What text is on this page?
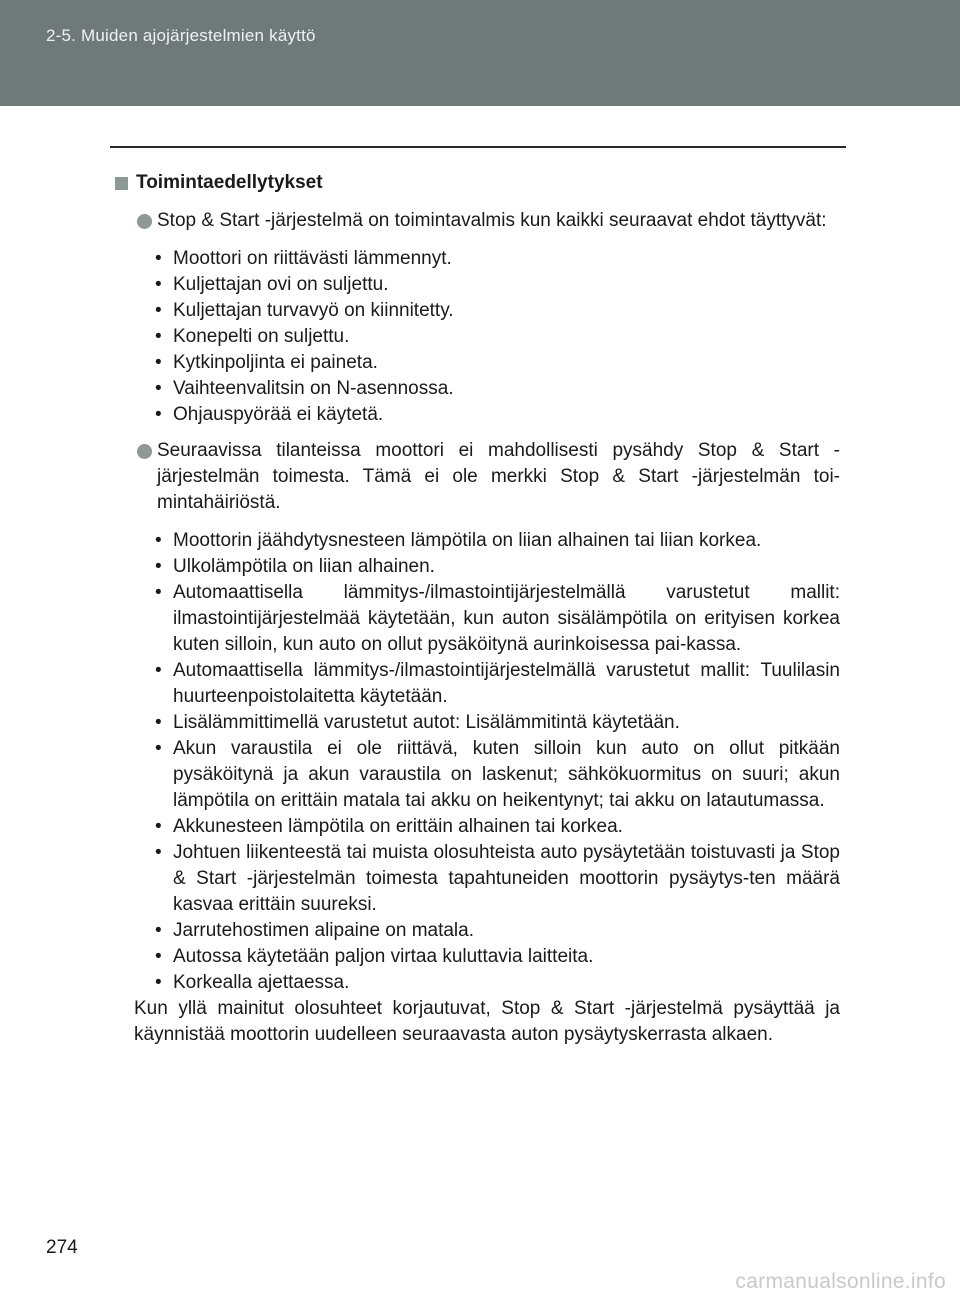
2-5. Muiden ajojärjestelmien käyttö
Toimintaedellytykset

Stop & Start -järjestelmä on toimintavalmis kun kaikki seuraavat ehdot täyttyvät:

• Moottori on riittävästi lämmennyt.
• Kuljettajan ovi on suljettu.
• Kuljettajan turvavyö on kiinnitetty.
• Konepelti on suljettu.
• Kytkinpoljinta ei paineta.
• Vaihteenvalitsin on N-asennossa.
• Ohjauspyörää ei käytetä.

Seuraavissa tilanteissa moottori ei mahdollisesti pysähdy Stop & Start -järjestelmän toimesta. Tämä ei ole merkki Stop & Start -järjestelmän toi-mintahäiriöstä.

• Moottorin jäähdytysnesteen lämpötila on liian alhainen tai liian korkea.
• Ulkolämpötila on liian alhainen.
• Automaattisella lämmitys-/ilmastointijärjestelmällä varustetut mallit: ilmastointijärjestelmää käytetään, kun auton sisälämpötila on erityisen korkea kuten silloin, kun auto on ollut pysäköitynä aurinkoisessa pai-kassa.
• Automaattisella lämmitys-/ilmastointijärjestelmällä varustetut mallit: Tuulilasin huurteenpoistolaitetta käytetään.
• Lisälämmittimellä varustetut autot: Lisälämmitintä käytetään.
• Akun varaustila ei ole riittävä, kuten silloin kun auto on ollut pitkään pysäköitynä ja akun varaustila on laskenut; sähkökuormitus on suuri; akun lämpötila on erittäin matala tai akku on heikentynyt; tai akku on latautumassa.
• Akkunesteen lämpötila on erittäin alhainen tai korkea.
• Johtuen liikenteestä tai muista olosuhteista auto pysäytetään toistuvasti ja Stop & Start -järjestelmän toimesta tapahtuneiden moottorin pysäytys-ten määrä kasvaa erittäin suureksi.
• Jarrutehostimen alipaine on matala.
• Autossa käytetään paljon virtaa kuluttavia laitteita.
• Korkealla ajettaessa.

Kun yllä mainitut olosuhteet korjautuvat, Stop & Start -järjestelmä pysäyttää ja käynnistää moottorin uudelleen seuraavasta auton pysäytyskerrasta alkaen.

274
carmanualsonline.info
